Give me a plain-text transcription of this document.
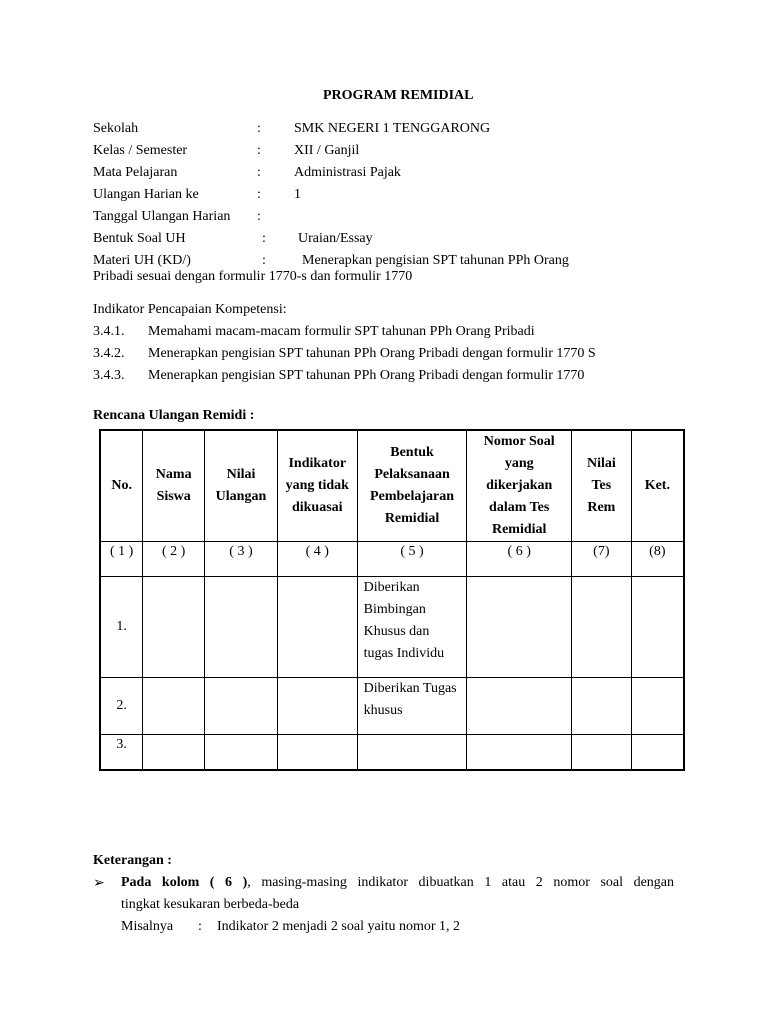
PROGRAM REMIDIAL
Sekolah	: SMK NEGERI 1 TENGGARONG
Kelas / Semester	: XII / Ganjil
Mata Pelajaran	: Administrasi Pajak
Ulangan Harian ke	: 1
Tanggal Ulangan Harian :
Bentuk Soal UH	: Uraian/Essay
Materi UH (KD/)	:	Menerapkan pengisian SPT tahunan PPh Orang
Pribadi sesuai dengan formulir 1770-s dan formulir 1770
Indikator Pencapaian Kompetensi:
3.4.1. Memahami macam-macam formulir SPT tahunan PPh Orang Pribadi
3.4.2. Menerapkan pengisian SPT tahunan PPh Orang Pribadi dengan formulir 1770 S
3.4.3. Menerapkan pengisian SPT tahunan PPh Orang Pribadi dengan formulir 1770
Rencana Ulangan Remidi :
No.	Nama Siswa	Nilai Ulangan	Indikator yang tidak dikuasai	Bentuk Pelaksanaan Pembelajaran Remidial	Nomor Soal yang dikerjakan dalam Tes Remidial	Nilai Tes Rem	Ket.
( 1 )	( 2 )	( 3 )	( 4 )	( 5 )	( 6 )	(7)	(8)
1.				Diberikan Bimbingan Khusus dan tugas Individu			
2.				Diberikan Tugas khusus			
3.							
Keterangan :
➢ Pada kolom ( 6 ), masing-masing indikator dibuatkan 1 atau 2 nomor soal dengan
tingkat kesukaran berbeda-beda
Misalnya : Indikator 2 menjadi 2 soal yaitu nomor 1, 2
